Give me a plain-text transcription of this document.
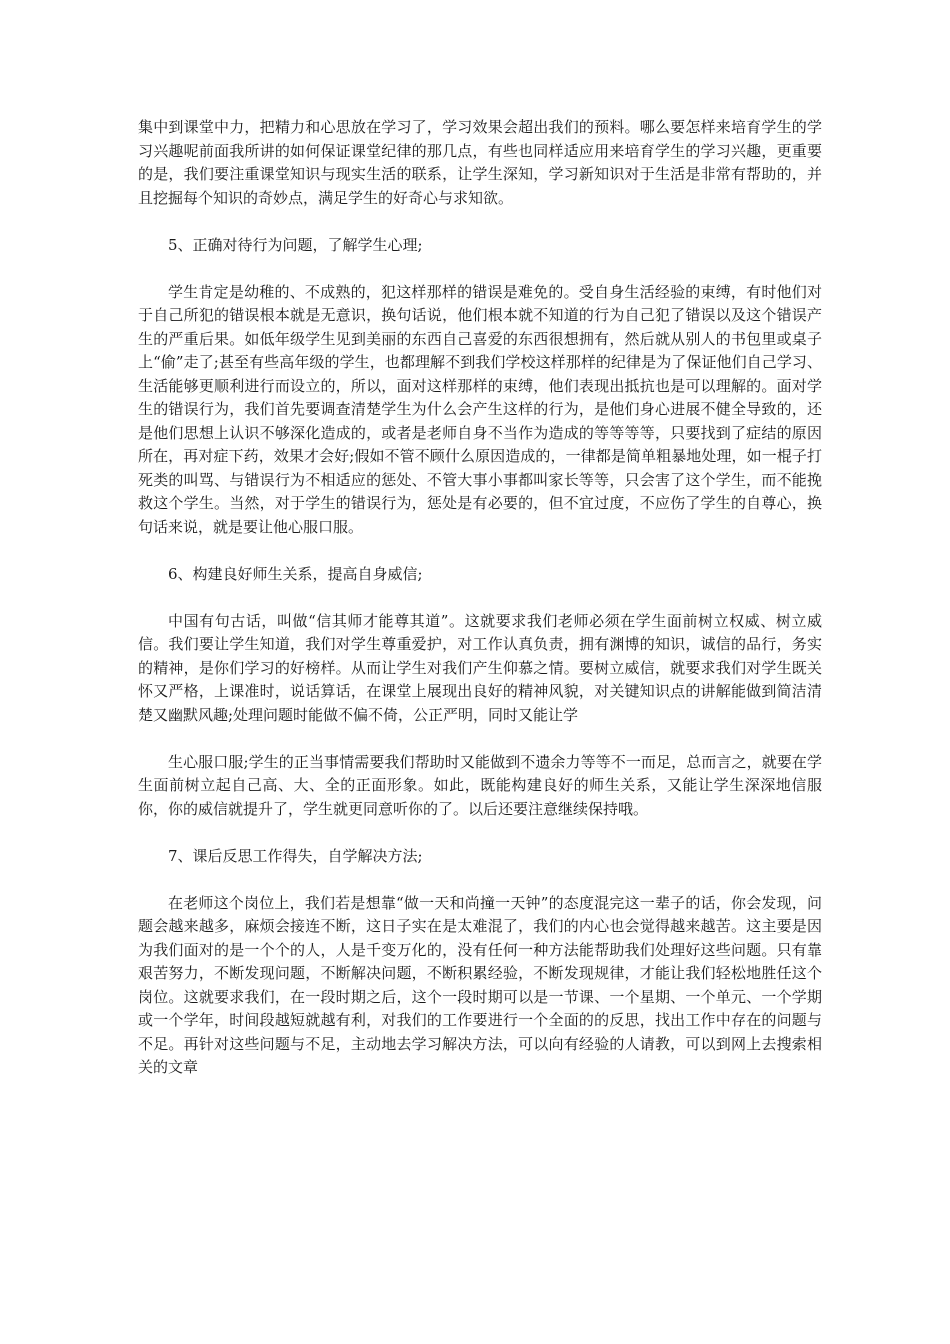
集中到课堂中力，把精力和心思放在学习了，学习效果会超出我们的预料。哪么要怎样来培育学生的学习兴趣呢前面我所讲的如何保证课堂纪律的那几点，有些也同样适应用来培育学生的学习兴趣，更重要的是，我们要注重课堂知识与现实生活的联系，让学生深知，学习新知识对于生活是非常有帮助的，并且挖掘每个知识的奇妙点，满足学生的好奇心与求知欲。

5、正确对待行为问题，了解学生心理;

学生肯定是幼稚的、不成熟的，犯这样那样的错误是难免的。受自身生活经验的束缚，有时他们对于自己所犯的错误根本就是无意识，换句话说，他们根本就不知道的行为自己犯了错误以及这个错误产生的严重后果。如低年级学生见到美丽的东西自己喜爱的东西很想拥有，然后就从别人的书包里或桌子上“偷”走了;甚至有些高年级的学生，也都理解不到我们学校这样那样的纪律是为了保证他们自己学习、生活能够更顺利进行而设立的，所以，面对这样那样的束缚，他们表现出抵抗也是可以理解的。面对学生的错误行为，我们首先要调查清楚学生为什么会产生这样的行为，是他们身心进展不健全导致的，还是他们思想上认识不够深化造成的，或者是老师自身不当作为造成的等等等等，只要找到了症结的原因所在，再对症下药，效果才会好;假如不管不顾什么原因造成的，一律都是简单粗暴地处理，如一棍子打死类的叫骂、与错误行为不相适应的惩处、不管大事小事都叫家长等等，只会害了这个学生，而不能挽救这个学生。当然，对于学生的错误行为，惩处是有必要的，但不宜过度，不应伤了学生的自尊心，换句话来说，就是要让他心服口服。

6、构建良好师生关系，提高自身威信;

中国有句古话，叫做“信其师才能尊其道”。这就要求我们老师必须在学生面前树立权威、树立威信。我们要让学生知道，我们对学生尊重爱护，对工作认真负责，拥有渊博的知识，诚信的品行，务实的精神，是你们学习的好榜样。从而让学生对我们产生仰慕之情。要树立威信，就要求我们对学生既关怀又严格，上课准时，说话算话，在课堂上展现出良好的精神风貌，对关键知识点的讲解能做到简洁清楚又幽默风趣;处理问题时能做不偏不倚，公正严明，同时又能让学

生心服口服;学生的正当事情需要我们帮助时又能做到不遗余力等等不一而足，总而言之，就要在学生面前树立起自己高、大、全的正面形象。如此，既能构建良好的师生关系，又能让学生深深地信服你，你的威信就提升了，学生就更同意听你的了。以后还要注意继续保持哦。

7、课后反思工作得失，自学解决方法;

在老师这个岗位上，我们若是想靠“做一天和尚撞一天钟”的态度混完这一辈子的话，你会发现，问题会越来越多，麻烦会接连不断，这日子实在是太难混了，我们的内心也会觉得越来越苦。这主要是因为我们面对的是一个个的人，人是千变万化的，没有任何一种方法能帮助我们处理好这些问题。只有靠艰苦努力，不断发现问题，不断解决问题，不断积累经验，不断发现规律，才能让我们轻松地胜任这个岗位。这就要求我们，在一段时期之后，这个一段时期可以是一节课、一个星期、一个单元、一个学期或一个学年，时间段越短就越有利，对我们的工作要进行一个全面的的反思，找出工作中存在的问题与不足。再针对这些问题与不足，主动地去学习解决方法，可以向有经验的人请教，可以到网上去搜索相关的文章
